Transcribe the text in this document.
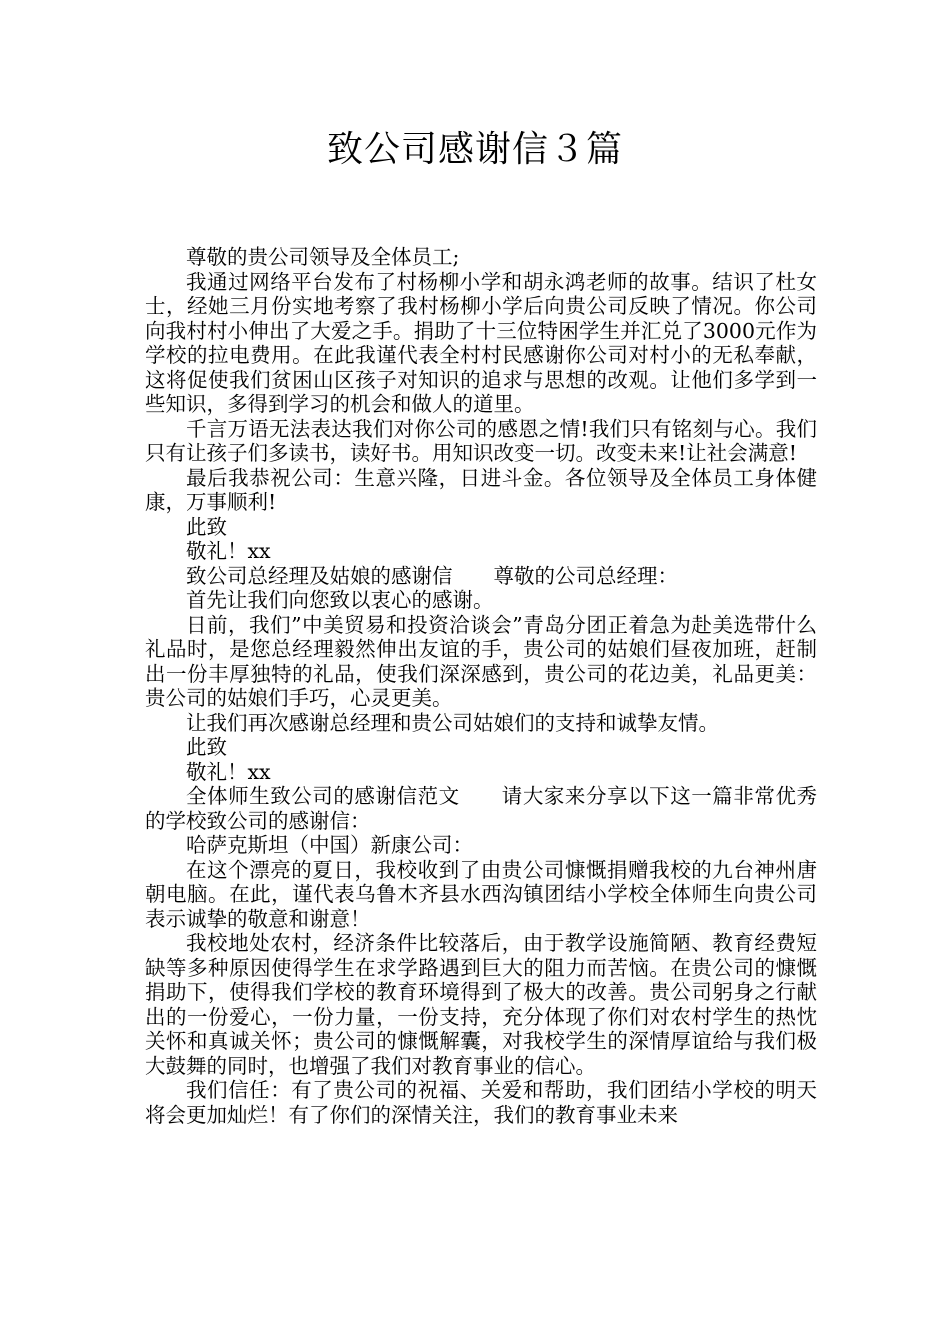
致公司感谢信３篇

尊敬的贵公司领导及全体员工;

我通过网络平台发布了村杨柳小学和胡永鸿老师的故事。结识了杜女士，经她三月份实地考察了我村杨柳小学后向贵公司反映了情况。你公司向我村村小伸出了大爱之手。捐助了十三位特困学生并汇兑了3000元作为学校的拉电费用。在此我谨代表全村村民感谢你公司对村小的无私奉献，这将促使我们贫困山区孩子对知识的追求与思想的改观。让他们多学到一些知识，多得到学习的机会和做人的道里。

千言万语无法表达我们对你公司的感恩之情!我们只有铭刻与心。我们只有让孩子们多读书，读好书。用知识改变一切。改变未来!让社会满意!

最后我恭祝公司：生意兴隆，日进斗金。各位领导及全体员工身体健康，万事顺利!

此致

敬礼！xx

致公司总经理及姑娘的感谢信　　尊敬的公司总经理：

首先让我们向您致以衷心的感谢。

日前，我们”中美贸易和投资洽谈会”青岛分团正着急为赴美选带什么礼品时，是您总经理毅然伸出友谊的手，贵公司的姑娘们昼夜加班，赶制出一份丰厚独特的礼品，使我们深深感到，贵公司的花边美，礼品更美：贵公司的姑娘们手巧，心灵更美。

让我们再次感谢总经理和贵公司姑娘们的支持和诚挚友情。

此致

敬礼！xx

全体师生致公司的感谢信范文　　请大家来分享以下这一篇非常优秀的学校致公司的感谢信：

哈萨克斯坦（中国）新康公司：

在这个漂亮的夏日，我校收到了由贵公司慷慨捐赠我校的九台神州唐朝电脑。在此，谨代表乌鲁木齐县水西沟镇团结小学校全体师生向贵公司表示诚挚的敬意和谢意！

我校地处农村，经济条件比较落后，由于教学设施简陋、教育经费短缺等多种原因使得学生在求学路遇到巨大的阻力而苦恼。在贵公司的慷慨捐助下，使得我们学校的教育环境得到了极大的改善。贵公司躬身之行献出的一份爱心，一份力量，一份支持，充分体现了你们对农村学生的热忱关怀和真诚关怀；贵公司的慷慨解囊，对我校学生的深情厚谊给与我们极大鼓舞的同时，也增强了我们对教育事业的信心。

我们信任：有了贵公司的祝福、关爱和帮助，我们团结小学校的明天将会更加灿烂！有了你们的深情关注，我们的教育事业未来
